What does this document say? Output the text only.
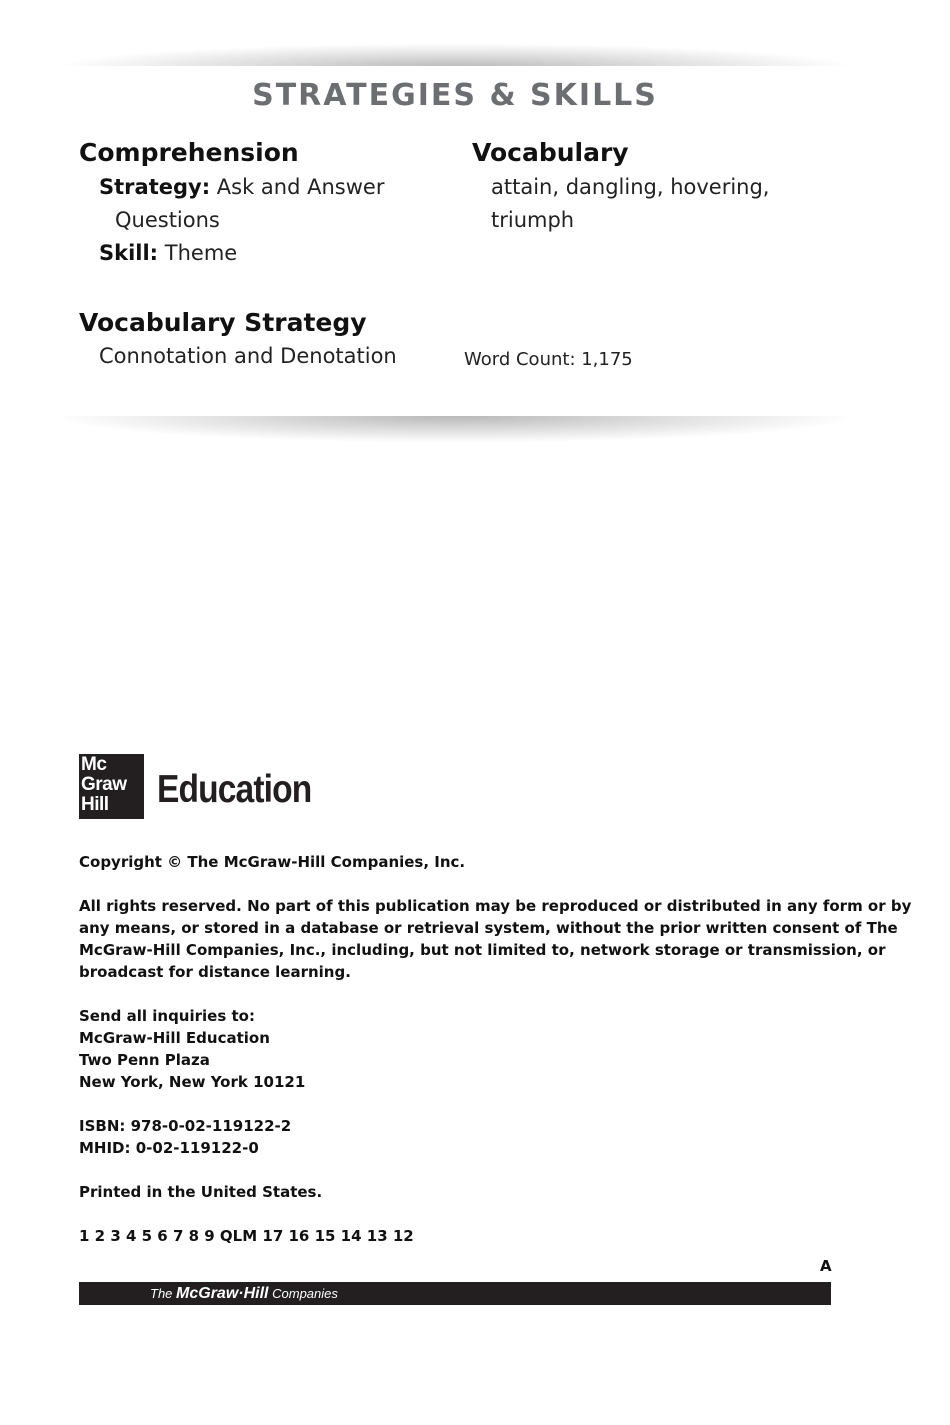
STRATEGIES & SKILLS
Comprehension
Strategy: Ask and Answer
Questions
Skill: Theme
Vocabulary
attain, dangling, hovering,
triumph
Vocabulary Strategy
Connotation and Denotation	Word Count: 1,175
Mc
Graw
Hill	Education
Copyright © The McGraw-Hill Companies, Inc.
All rights reserved. No part of this publication may be reproduced or distributed in any form or by
any means, or stored in a database or retrieval system, without the prior written consent of The
McGraw-Hill Companies, Inc., including, but not limited to, network storage or transmission, or
broadcast for distance learning.
Send all inquiries to:
McGraw-Hill Education
Two Penn Plaza
New York, New York 10121
ISBN: 978-0-02-119122-2
MHID: 0-02-119122-0
Printed in the United States.
1 2 3 4 5 6 7 8 9 QLM 17 16 15 14 13 12
A
The McGraw·Hill Companies
